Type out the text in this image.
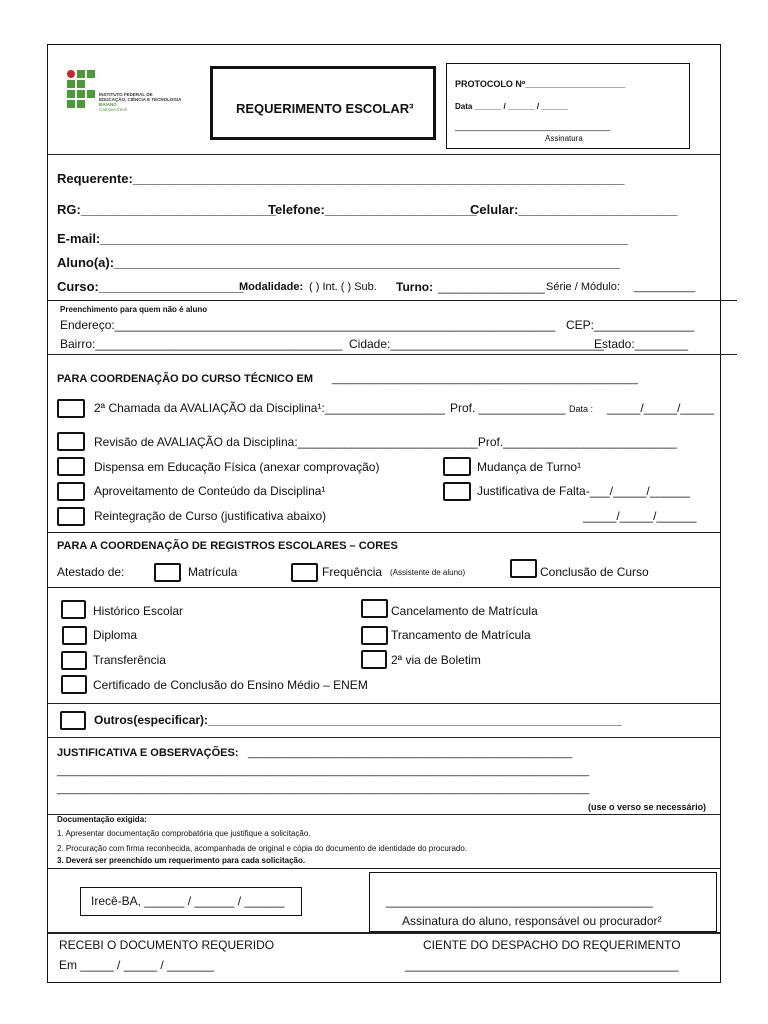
INSTITUTO FEDERAL DE
EDUCAÇÃO, CIÊNCIA E TECNOLOGIA
BAIANO
Campus Irecê	REQUERIMENTO ESCOLAR³
PROTOCOLO Nº____________________
Data ______ / ______ / ______
_______________________________
Assinatura
Requerente:____________________________________________________________________
RG:___________________________
Telefone:_____________________
Celular:______________________
E-mail:_________________________________________________________________________
Aluno(a):______________________________________________________________________
Curso:____________________
Modalidade: ( ) Int. ( ) Sub. Turno: ________________ Série / Módulo: __________
Preenchimento para quem não é aluno
Endereço:__________________________________________________________________ CEP:_______________
Bairro:_____________________________________ Cidade:________________________________
Estado:________
PARA COORDENAÇÃO DO CURSO TÉCNICO EM __________________________________________________
2ª Chamada da AVALIAÇÃO da Disciplina¹:__________________ Prof. _____________ Data : _____/_____/_____
Revisão de AVALIAÇÃO da Disciplina:___________________________Prof.__________________________
Dispensa em Educação Física (anexar comprovação)	Mudança de Turno¹
Aproveitamento de Conteúdo da Disciplina¹	Justificativa de Falta-___/_____/______
Reintegração de Curso (justificativa abaixo)	_____/_____/______
PARA A COORDENAÇÃO DE REGISTROS ESCOLARES – CORES
Atestado de:	Matrícula	Frequência (Assistente de aluno)	Conclusão de Curso
Histórico Escolar	Cancelamento de Matrícula
Diploma	Trancamento de Matrícula
Transferência	2ª via de Boletim
Certificado de Conclusão do Ensino Médio – ENEM
Outros(especificar):______________________________________________________________
JUSTIFICATIVA E OBSERVAÇÕES: _____________________________________________________
_______________________________________________________________________________________
_______________________________________________________________________________________
(use o verso se necessário)
Documentação exigida:
1. Apresentar documentação comprobatória que justifique a solicitação.
2. Procuração com firma reconhecida, acompanhada de original e cópia do documento de identidade do procurado.
3. Deverá ser preenchido um requerimento para cada solicitação.
Irecê-BA, ______ / ______ / ______	________________________________________
Assinatura do aluno, responsável ou procurador²
RECEBI O DOCUMENTO REQUERIDO
Em _____ / _____ / _______
CIENTE DO DESPACHO DO REQUERIMENTO
_________________________________________
